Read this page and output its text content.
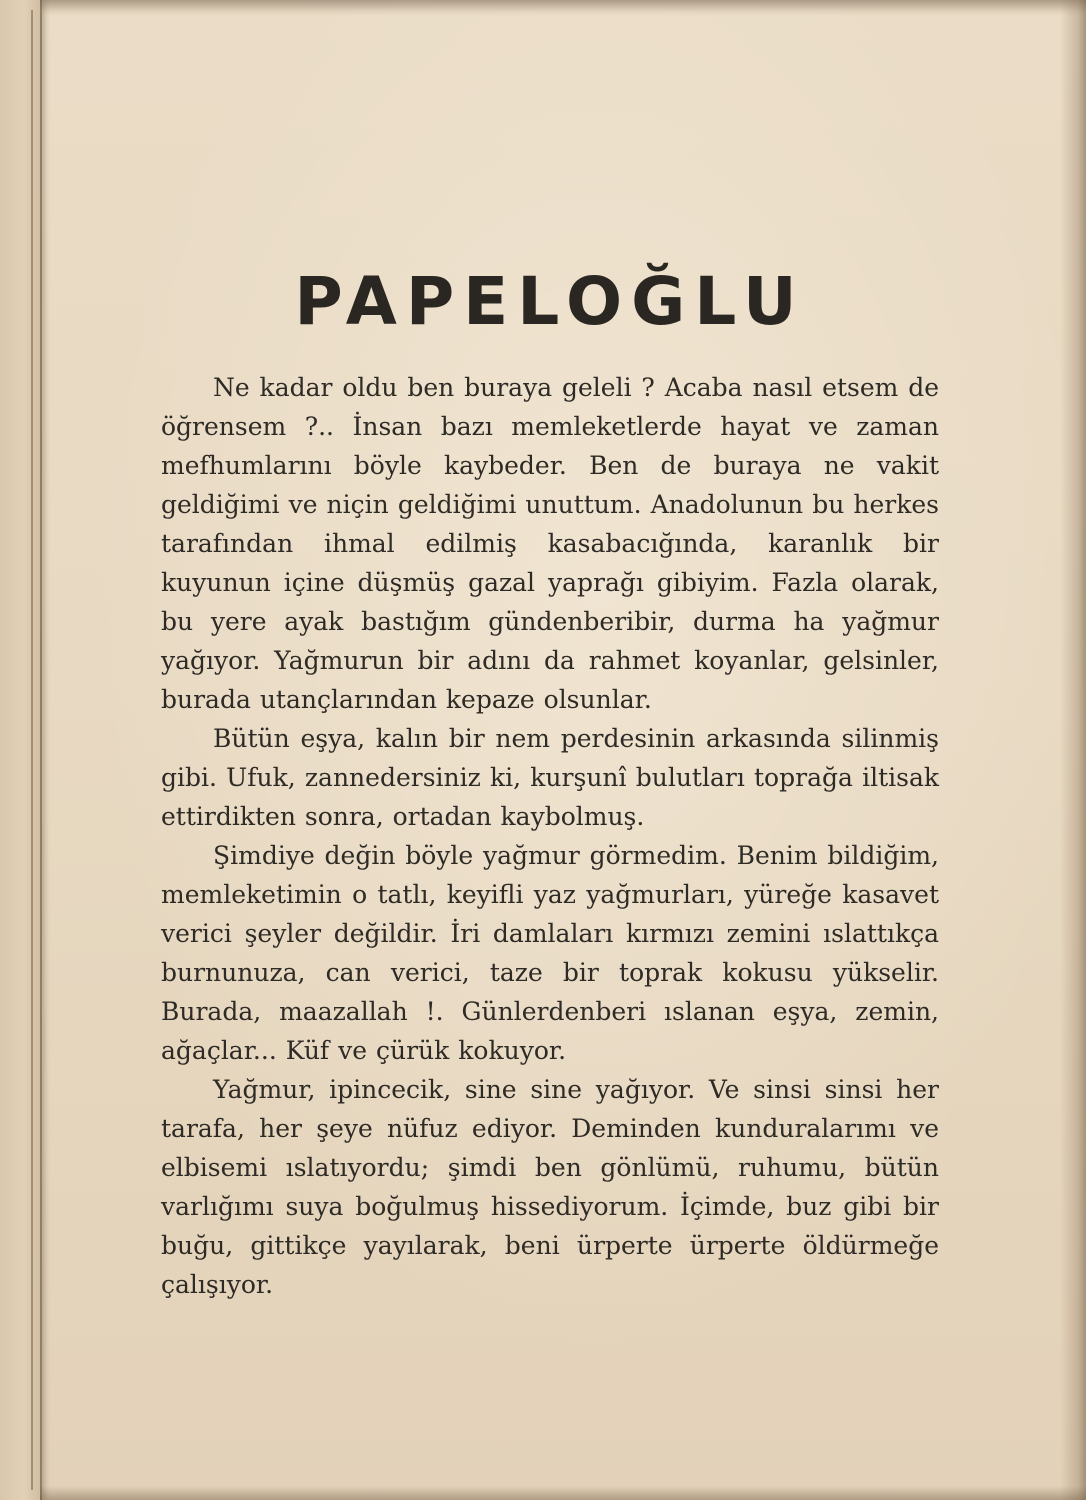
PAPELOĞLU

Ne kadar oldu ben buraya geleli ? Acaba nasıl etsem de öğrensem ?.. İnsan bazı memleketlerde hayat ve zaman mefhumlarını böyle kaybeder. Ben de buraya ne vakit geldiğimi ve niçin geldiğimi unuttum. Anadolunun bu herkes tarafından ihmal edilmiş kasabacığında, karanlık bir kuyunun içine düşmüş gazal yaprağı gibiyim. Fazla olarak, bu yere ayak bastığım gündenberibir, durma ha yağmur yağıyor. Yağmurun bir adını da rahmet koyanlar, gelsinler, burada utançlarından kepaze olsunlar.

Bütün eşya, kalın bir nem perdesinin arkasında silinmiş gibi. Ufuk, zannedersiniz ki, kurşunî bulutları toprağa iltisak ettirdikten sonra, ortadan kaybolmuş.

Şimdiye değin böyle yağmur görmedim. Benim bildiğim, memleketimin o tatlı, keyifli yaz yağmurları, yüreğe kasavet verici şeyler değildir. İri damlaları kırmızı zemini ıslattıkça burnunuza, can verici, taze bir toprak kokusu yükselir. Burada, maazallah !. Günlerdenberi ıslanan eşya, zemin, ağaçlar... Küf ve çürük kokuyor.

Yağmur, ipincecik, sine sine yağıyor. Ve sinsi sinsi her tarafa, her şeye nüfuz ediyor. Deminden kunduralarımı ve elbisemi ıslatıyordu; şimdi ben gönlümü, ruhumu, bütün varlığımı suya boğulmuş hissediyorum. İçimde, buz gibi bir buğu, gittikçe yayılarak, beni ürperte ürperte öldürmeğe çalışıyor.
